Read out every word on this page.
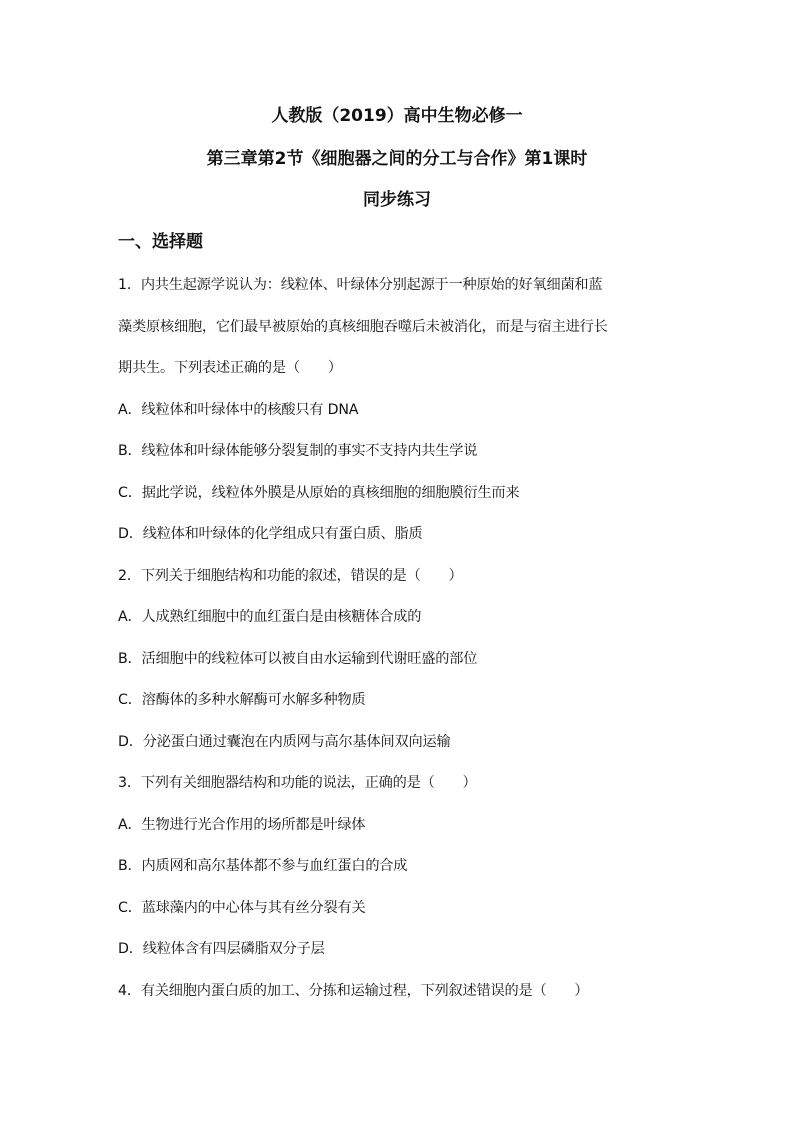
人教版（2019）高中生物必修一
第三章第2节《细胞器之间的分工与合作》第1课时
同步练习
一、选择题
1．内共生起源学说认为：线粒体、叶绿体分别起源于一种原始的好氧细菌和蓝
藻类原核细胞，它们最早被原始的真核细胞吞噬后未被消化，而是与宿主进行长
期共生。下列表述正确的是（　　）
A．线粒体和叶绿体中的核酸只有 DNA
B．线粒体和叶绿体能够分裂复制的事实不支持内共生学说
C．据此学说，线粒体外膜是从原始的真核细胞的细胞膜衍生而来
D．线粒体和叶绿体的化学组成只有蛋白质、脂质
2．下列关于细胞结构和功能的叙述，错误的是（　　）
A．人成熟红细胞中的血红蛋白是由核糖体合成的
B．活细胞中的线粒体可以被自由水运输到代谢旺盛的部位
C．溶酶体的多种水解酶可水解多种物质
D．分泌蛋白通过囊泡在内质网与高尔基体间双向运输
3．下列有关细胞器结构和功能的说法，正确的是（　　）
A．生物进行光合作用的场所都是叶绿体
B．内质网和高尔基体都不参与血红蛋白的合成
C．蓝球藻内的中心体与其有丝分裂有关
D．线粒体含有四层磷脂双分子层
4．有关细胞内蛋白质的加工、分拣和运输过程，下列叙述错误的是（　　）
